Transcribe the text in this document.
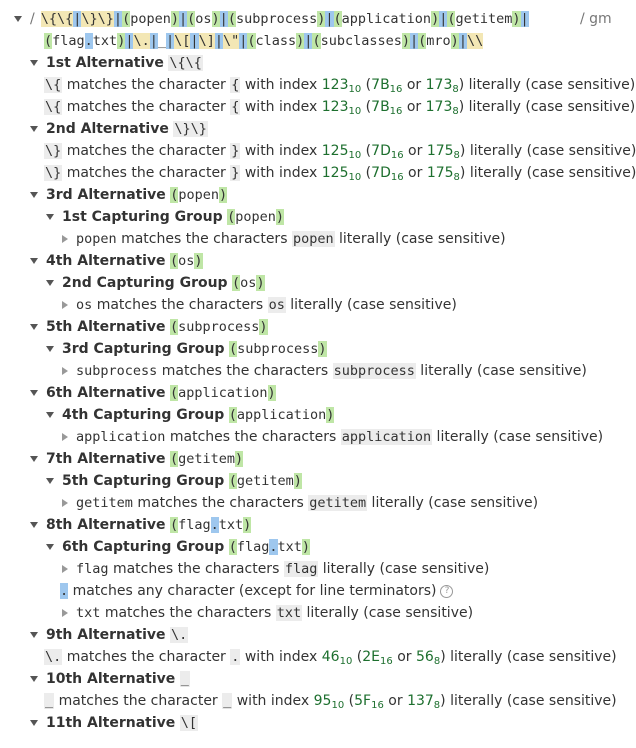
/ \{\{|\}\}|(popen)|(os)|(subprocess)|(application)|(getitem)|	/ gm
(flag.txt)|\.|_|\[|\]|\"|(class)|(subclasses)|(mro)|\\
1st Alternative \{\{
\{ matches the character { with index $123_{10}$ ($7B_{16}$ or $173_8$) literally (case sensitive)
\{ matches the character { with index $123_{10}$ ($7B_{16}$ or $173_8$) literally (case sensitive)
2nd Alternative \}\}
\} matches the character } with index $125_{10}$ ($7D_{16}$ or $175_8$) literally (case sensitive)
\} matches the character } with index $125_{10}$ ($7D_{16}$ or $175_8$) literally (case sensitive)
3rd Alternative (popen)
1st Capturing Group (popen)
popen matches the characters popen literally (case sensitive)
4th Alternative (os)
2nd Capturing Group (os)
os matches the characters os literally (case sensitive)
5th Alternative (subprocess)
3rd Capturing Group (subprocess)
subprocess matches the characters subprocess literally (case sensitive)
6th Alternative (application)
4th Capturing Group (application)
application matches the characters application literally (case sensitive)
7th Alternative (getitem)
5th Capturing Group (getitem)
getitem matches the characters getitem literally (case sensitive)
8th Alternative (flag.txt)
6th Capturing Group (flag.txt)
flag matches the characters flag literally (case sensitive)
. matches any character (except for line terminators) ?
txt matches the characters txt literally (case sensitive)
9th Alternative \.
\. matches the character . with index $46_{10}$ ($2E_{16}$ or $56_8$) literally (case sensitive)
10th Alternative _
_ matches the character _ with index $95_{10}$ ($5F_{16}$ or $137_8$) literally (case sensitive)
11th Alternative \[
